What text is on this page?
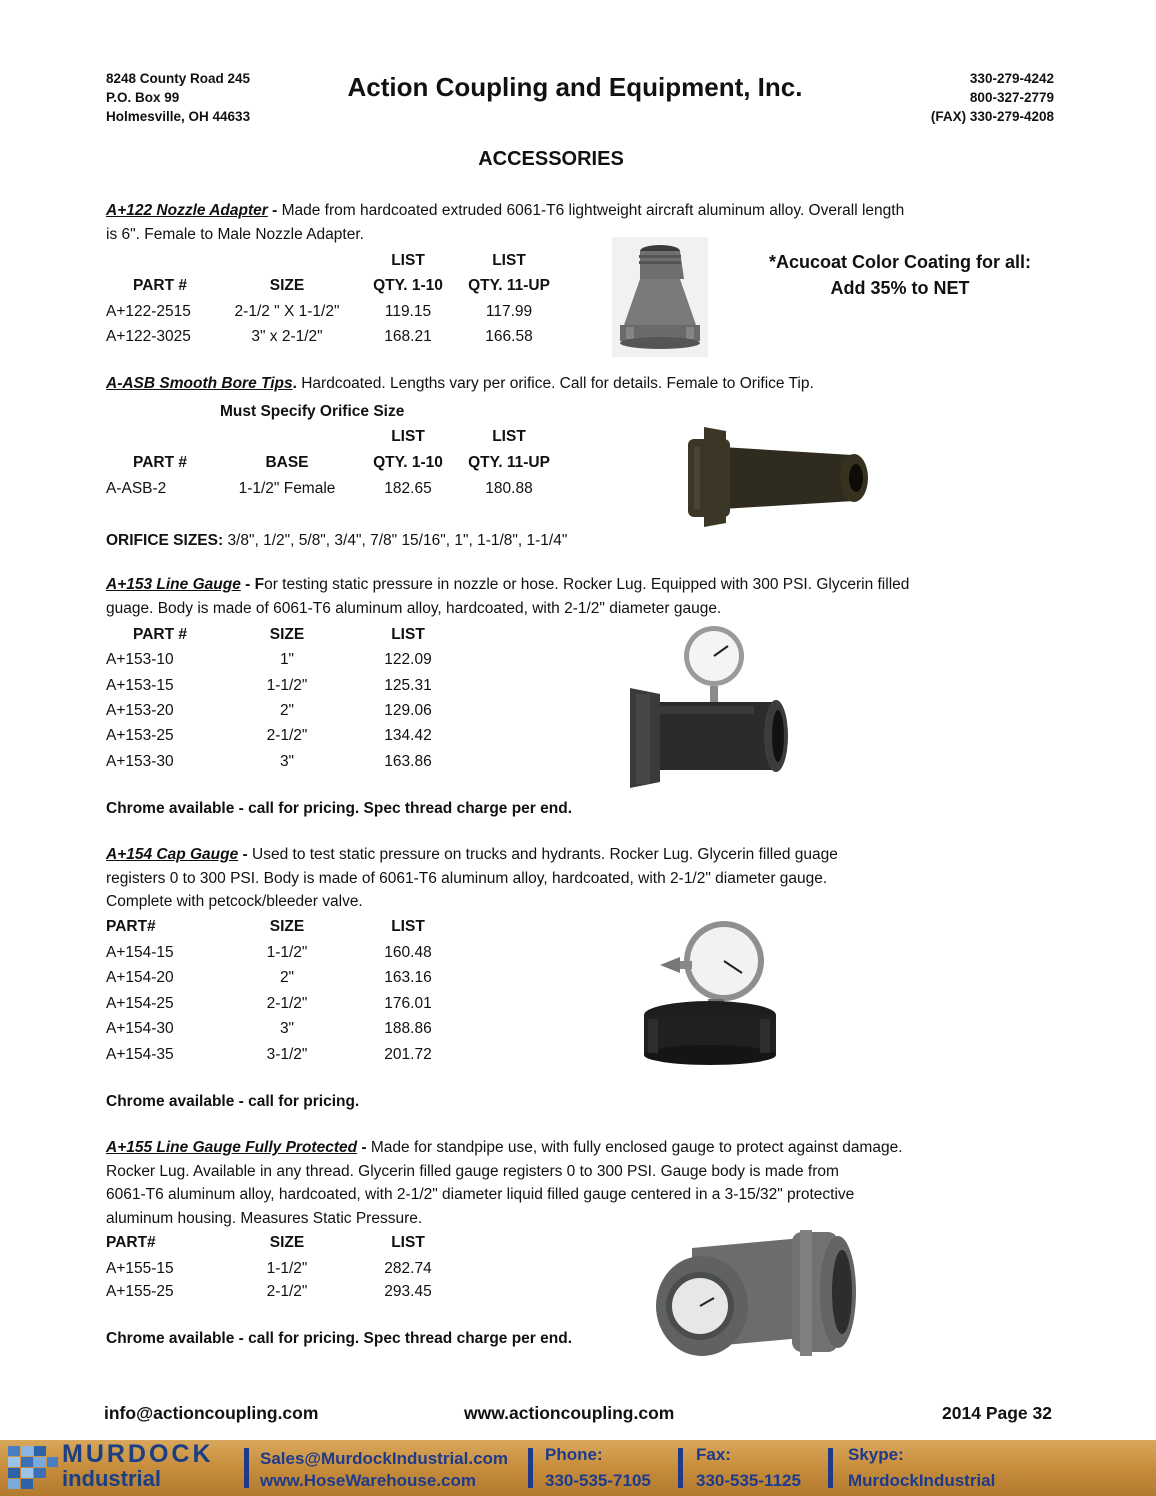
8248 County Road 245
P.O. Box 99
Holmesville, OH 44633
Action Coupling and Equipment, Inc.	330-279-4242
800-327-2779
(FAX) 330-279-4208
ACCESSORIES
A+122 Nozzle Adapter - Made from hardcoated extruded 6061-T6 lightweight aircraft aluminum alloy. Overall length
is 6". Female to Male Nozzle Adapter.
LIST	LIST
PART #	SIZE	QTY. 1-10 QTY. 11-UP
A+122-2515	2-1/2 " X 1-1/2"	119.15	117.99
A+122-3025	3" x 2-1/2"	168.21	166.58
*Acucoat Color Coating for all:
Add 35% to NET
A-ASB Smooth Bore Tips. Hardcoated. Lengths vary per orifice. Call for details. Female to Orifice Tip.
Must Specify Orifice Size
LIST	LIST
PART #	BASE	QTY. 1-10 QTY. 11-UP
A-ASB-2	1-1/2" Female	182.65	180.88
ORIFICE SIZES: 3/8", 1/2", 5/8", 3/4", 7/8" 15/16", 1", 1-1/8", 1-1/4"
A+153 Line Gauge - For testing static pressure in nozzle or hose. Rocker Lug. Equipped with 300 PSI. Glycerin filled
guage. Body is made of 6061-T6 aluminum alloy, hardcoated, with 2-1/2" diameter gauge.
PART #	SIZE	LIST
A+153-10	1"	122.09
A+153-15	1-1/2"	125.31
A+153-20	2"	129.06
A+153-25	2-1/2"	134.42
A+153-30	3"	163.86
Chrome available - call for pricing. Spec thread charge per end.
A+154 Cap Gauge - Used to test static pressure on trucks and hydrants. Rocker Lug. Glycerin filled guage
registers 0 to 300 PSI. Body is made of 6061-T6 aluminum alloy, hardcoated, with 2-1/2" diameter gauge.
Complete with petcock/bleeder valve.
PART#	SIZE	LIST
A+154-15	1-1/2"	160.48
A+154-20	2"	163.16
A+154-25	2-1/2"	176.01
A+154-30	3"	188.86
A+154-35	3-1/2"	201.72
Chrome available - call for pricing.
A+155 Line Gauge Fully Protected - Made for standpipe use, with fully enclosed gauge to protect against damage.
Rocker Lug. Available in any thread. Glycerin filled gauge registers 0 to 300 PSI. Gauge body is made from
6061-T6 aluminum alloy, hardcoated, with 2-1/2" diameter liquid filled gauge centered in a 3-15/32" protective
aluminum housing. Measures Static Pressure.
PART#	SIZE	LIST
A+155-15	1-1/2"	282.74
A+155-25	2-1/2"	293.45
Chrome available - call for pricing. Spec thread charge per end.
info@actioncoupling.com	www.actioncoupling.com	2014 Page 32
MURDOCK
industrial
Sales@MurdockIndustrial.com
www.HoseWarehouse.com
Phone:
330-535-7105
Fax:
330-535-1125
Skype:
MurdockIndustrial
